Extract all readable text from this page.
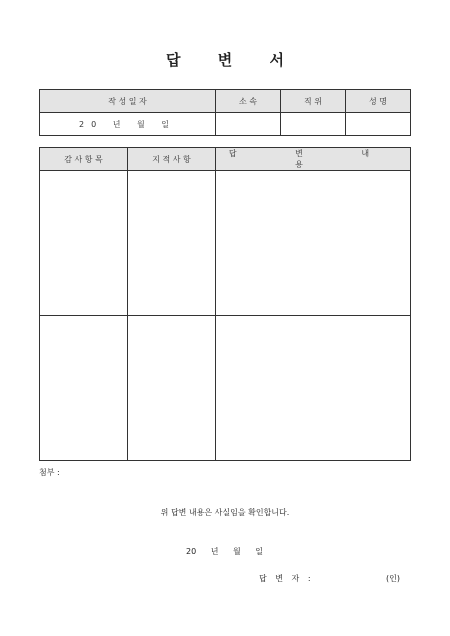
답 변 서
작 성 일 자	소 속	직 위	성 명
20 년 월 일			
감 사 항 목	지 적 사 항	답 변 내 용

첨부 :
위 답변 내용은 사실임을 확인합니다.
20 년 월 일
답 변 자 :	(인)
